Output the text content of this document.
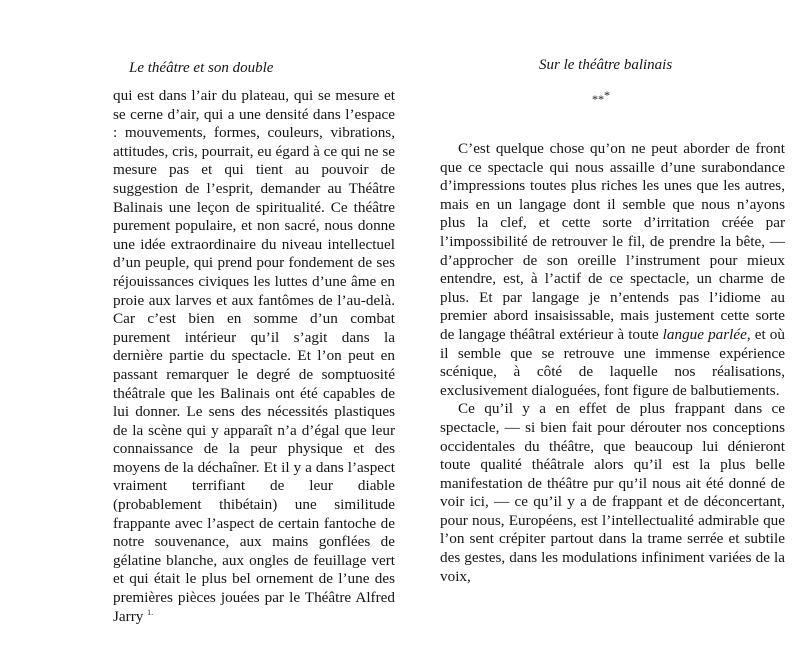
Le théâtre et son double

qui est dans l’air du plateau, qui se mesure et se cerne d’air, qui a une densité dans l’espace : mouvements, formes, couleurs, vibrations, attitudes, cris, pourrait, eu égard à ce qui ne se mesure pas et qui tient au pouvoir de suggestion de l’esprit, demander au Théâtre Balinais une leçon de spiritualité. Ce théâtre purement populaire, et non sacré, nous donne une idée extraordinaire du niveau intellectuel d’un peuple, qui prend pour fondement de ses réjouissances civiques les luttes d’une âme en proie aux larves et aux fantômes de l’au-delà. Car c’est bien en somme d’un combat purement intérieur qu’il s’agit dans la dernière partie du spectacle. Et l’on peut en passant remarquer le degré de somptuosité théâtrale que les Balinais ont été capables de lui donner. Le sens des nécessités plastiques de la scène qui y apparaît n’a d’égal que leur connaissance de la peur physique et des moyens de la déchaîner. Et il y a dans l’aspect vraiment terrifiant de leur diable (probablement thibétain) une similitude frappante avec l’aspect de certain fantoche de notre souvenance, aux mains gonflées de gélatine blanche, aux ongles de feuillage vert et qui était le plus bel ornement de l’une des premières pièces jouées par le Théâtre Alfred Jarry $^{1.}$

Sur le théâtre balinais
***

C’est quelque chose qu’on ne peut aborder de front que ce spectacle qui nous assaille d’une surabondance d’impressions toutes plus riches les unes que les autres, mais en un langage dont il semble que nous n’ayons plus la clef, et cette sorte d’irritation créée par l’impossibilité de retrouver le fil, de prendre la bête, — d’approcher de son oreille l’instrument pour mieux entendre, est, à l’actif de ce spectacle, un charme de plus. Et par langage je n’entends pas l’idiome au premier abord insaisissable, mais justement cette sorte de langage théâtral extérieur à toute langue parlée, et où il semble que se retrouve une immense expérience scénique, à côté de laquelle nos réalisations, exclusivement dialoguées, font figure de balbutiements.

Ce qu’il y a en effet de plus frappant dans ce spectacle, — si bien fait pour dérouter nos conceptions occidentales du théâtre, que beaucoup lui dénieront toute qualité théâtrale alors qu’il est la plus belle manifestation de théâtre pur qu’il nous ait été donné de voir ici, — ce qu’il y a de frappant et de déconcertant, pour nous, Européens, est l’intellectualité admirable que l’on sent crépiter partout dans la trame serrée et subtile des gestes, dans les modulations infiniment variées de la voix,
